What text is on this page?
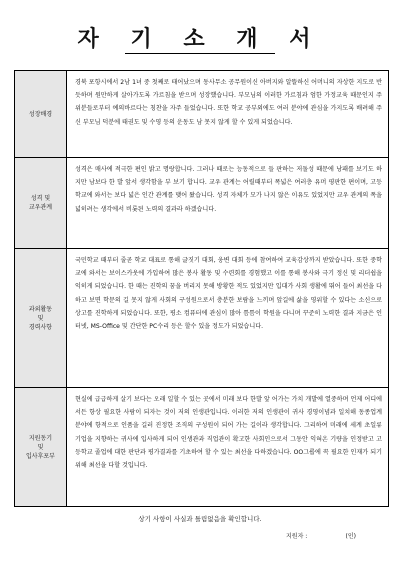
자 기 소 개 서
성장배경
경북 포항시에서 2남 1녀 중 첫째로 태어났으며 동사무소 공무원이신 아버지와 알뜰하신 어머니의 자상한 지도로 반듯하며 원만하게 살아가도록 가르침을 받으며 성장했습니다. 부모님의 이러한 가르침과 엄한 가정교육 때문인지 주위분들로부터 예의바르다는 칭찬을 자주 들었습니다. 또한 학교 공부외에도 여러 분야에 관심을 가지도록 배려해 주신 부모님 덕분에 태권도 및 수영 등의 운동도 남 못지 않게 할 수 있게 되었습니다.
성격 및
교우관계
성격은 매사에 적극한 편인 밝고 명랑합니다. 그러나 때로는 능동적으로 들 판하는 저돌성 때문에 낭패를 보기도 하지만 남보다 한 발 앞서 생각함을 부 보기 합니다. 교우 관계는 어릴때부터 폭넓은 여러층 유머 평판한 편이며, 고등학교에 와서는 보다 넓은 인간 관계를 맺어 왔습니다. 성격 자체가 모가 나지 않은 이유도 있었지만 교우 관계의 폭을 넓히려는 생각에서 비롯된 노력의 결과라 하겠습니다.
과외활동
및
경력사항
국민학교 때부터 줄곧 학교 대표로 통해 글짓기 대회, 웅변 대회 등에 참여하여 교육감상까지 받았습니다. 또한 중학교에 와서는 보이스카웃에 가입하여 많은 봉사 활동 및 수련회를 경험했고 이를 통해 봉사와 극기 정신 및 리더쉽을 익히게 되었습니다. 한 때는 진학의 꿈을 버리지 못해 방황한 적도 있었지만 입대가 사회 생활에 뛰어 들어 최선을 다하고 보면 학문의 길 못지 않게 사회의 구성원으로서 충분한 보람을 느끼며 앞길에 삶을 영위할 수 있다는 소신으로 상고를 진학하게 되었습니다. 또한, 평소 컴퓨터에 관심이 많아 틈틈이 학원을 다니며 꾸준히 노력한 결과 지금은 인터넷, MS-Office 및 간단한 PC수리 등은 할수 있을 정도가 되었습니다.
지원동기
및
입사후포부
현실에 급급하게 살기 보다는 오래 일할 수 있는 곳에서 미래 보다 한발 앞 어가는 가치 개발에 열중하며 언제 어디에서든 항상 필요한 사람이 되자는 것이 저의 인생관입니다. 이러한 저의 인생관이 귀사 경영이념과 일치해 동종업계 분야에 항적으로 인품을 길러 진정한 조직의 구성원이 되어 가는 길이라 생각합니다. 그리하여 미래에 세계 초일류 기업을 지향하는 귀사에 입사하게 되어 인생관과 직업관이 확고한 사회인으로서 그동안 익혀온 기량을 인정받고 고등학교 졸업에 대한 판단과 평가결과를 기초하여 할 수 있는 최선을 다하겠습니다. OO그룹에 꼭 필요한 인재가 되기 위해 최선을 다할 것입니다.
상기 사항이 사실과 틀림없음을 확인합니다.
지원자 :	(인)
